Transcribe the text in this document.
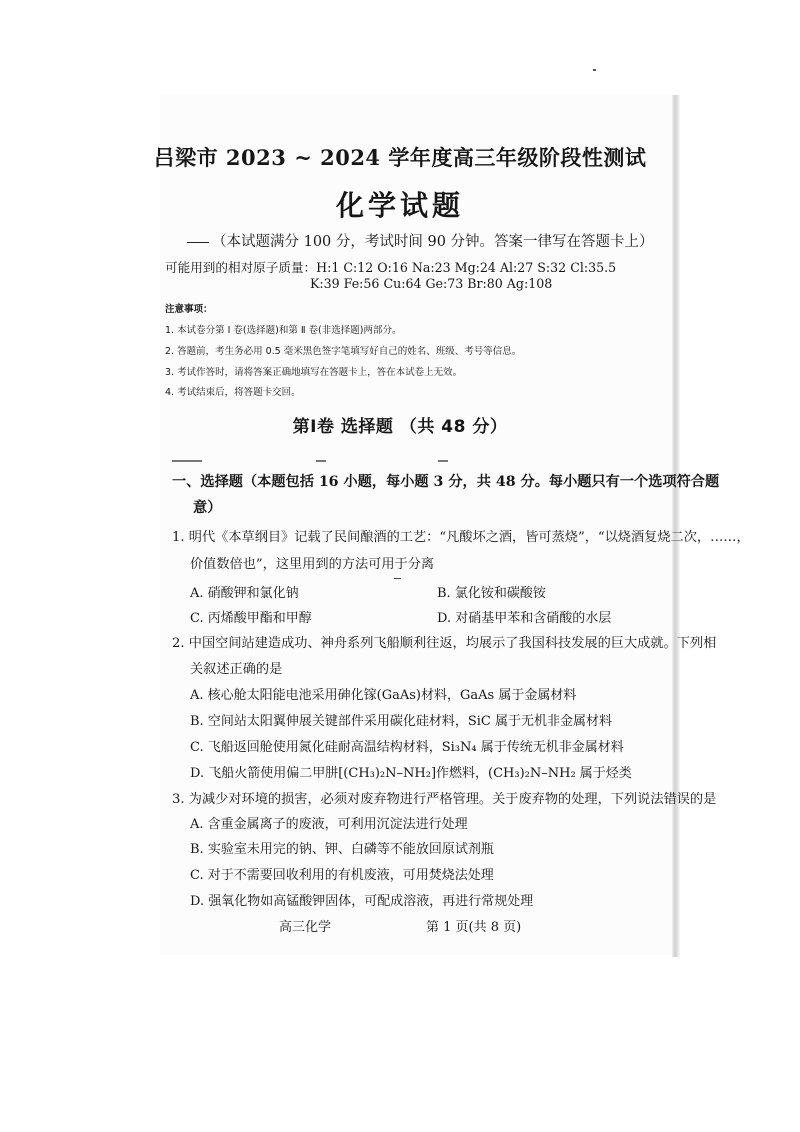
吕梁市 2023 ~ 2024 学年度高三年级阶段性测试
化学试题
（本试题满分 100 分，考试时间 90 分钟。答案一律写在答题卡上）
可能用到的相对原子质量：H:1 C:12 O:16 Na:23 Mg:24 Al:27 S:32 Cl:35.5
K:39 Fe:56 Cu:64 Ge:73 Br:80 Ag:108
注意事项：
1. 本试卷分第 Ⅰ 卷(选择题)和第 Ⅱ 卷(非选择题)两部分。
2. 答题前，考生务必用 0.5 毫米黑色签字笔填写好自己的姓名、班级、考号等信息。
3. 考试作答时，请将答案正确地填写在答题卡上，答在本试卷上无效。
4. 考试结束后，将答题卡交回。
第Ⅰ卷 选择题 （共 48 分）
一、选择题（本题包括 16 小题，每小题 3 分，共 48 分。每小题只有一个选项符合题
意）
1. 明代《本草纲目》记载了民间酿酒的工艺：“凡酸坏之酒，皆可蒸烧”，“以烧酒复烧二次，……，
价值数倍也”，这里用到的方法可用于分离
A. 硝酸钾和氯化钠	B. 氯化铵和碳酸铵
C. 丙烯酸甲酯和甲醇	D. 对硝基甲苯和含硝酸的水层
2. 中国空间站建造成功、神舟系列飞船顺利往返，均展示了我国科技发展的巨大成就。下列相
关叙述正确的是
A. 核心舱太阳能电池采用砷化镓(GaAs)材料，GaAs 属于金属材料
B. 空间站太阳翼伸展关键部件采用碳化硅材料，SiC 属于无机非金属材料
C. 飞船返回舱使用氮化硅耐高温结构材料，Si₃N₄ 属于传统无机非金属材料
D. 飞船火箭使用偏二甲肼[(CH₃)₂N–NH₂]作燃料，(CH₃)₂N–NH₂ 属于烃类
3. 为减少对环境的损害，必须对废弃物进行严格管理。关于废弃物的处理，下列说法错误的是
A. 含重金属离子的废液，可利用沉淀法进行处理
B. 实验室未用完的钠、钾、白磷等不能放回原试剂瓶
C. 对于不需要回收利用的有机废液，可用焚烧法处理
D. 强氧化物如高锰酸钾固体，可配成溶液，再进行常规处理
高三化学	第 1 页(共 8 页)
